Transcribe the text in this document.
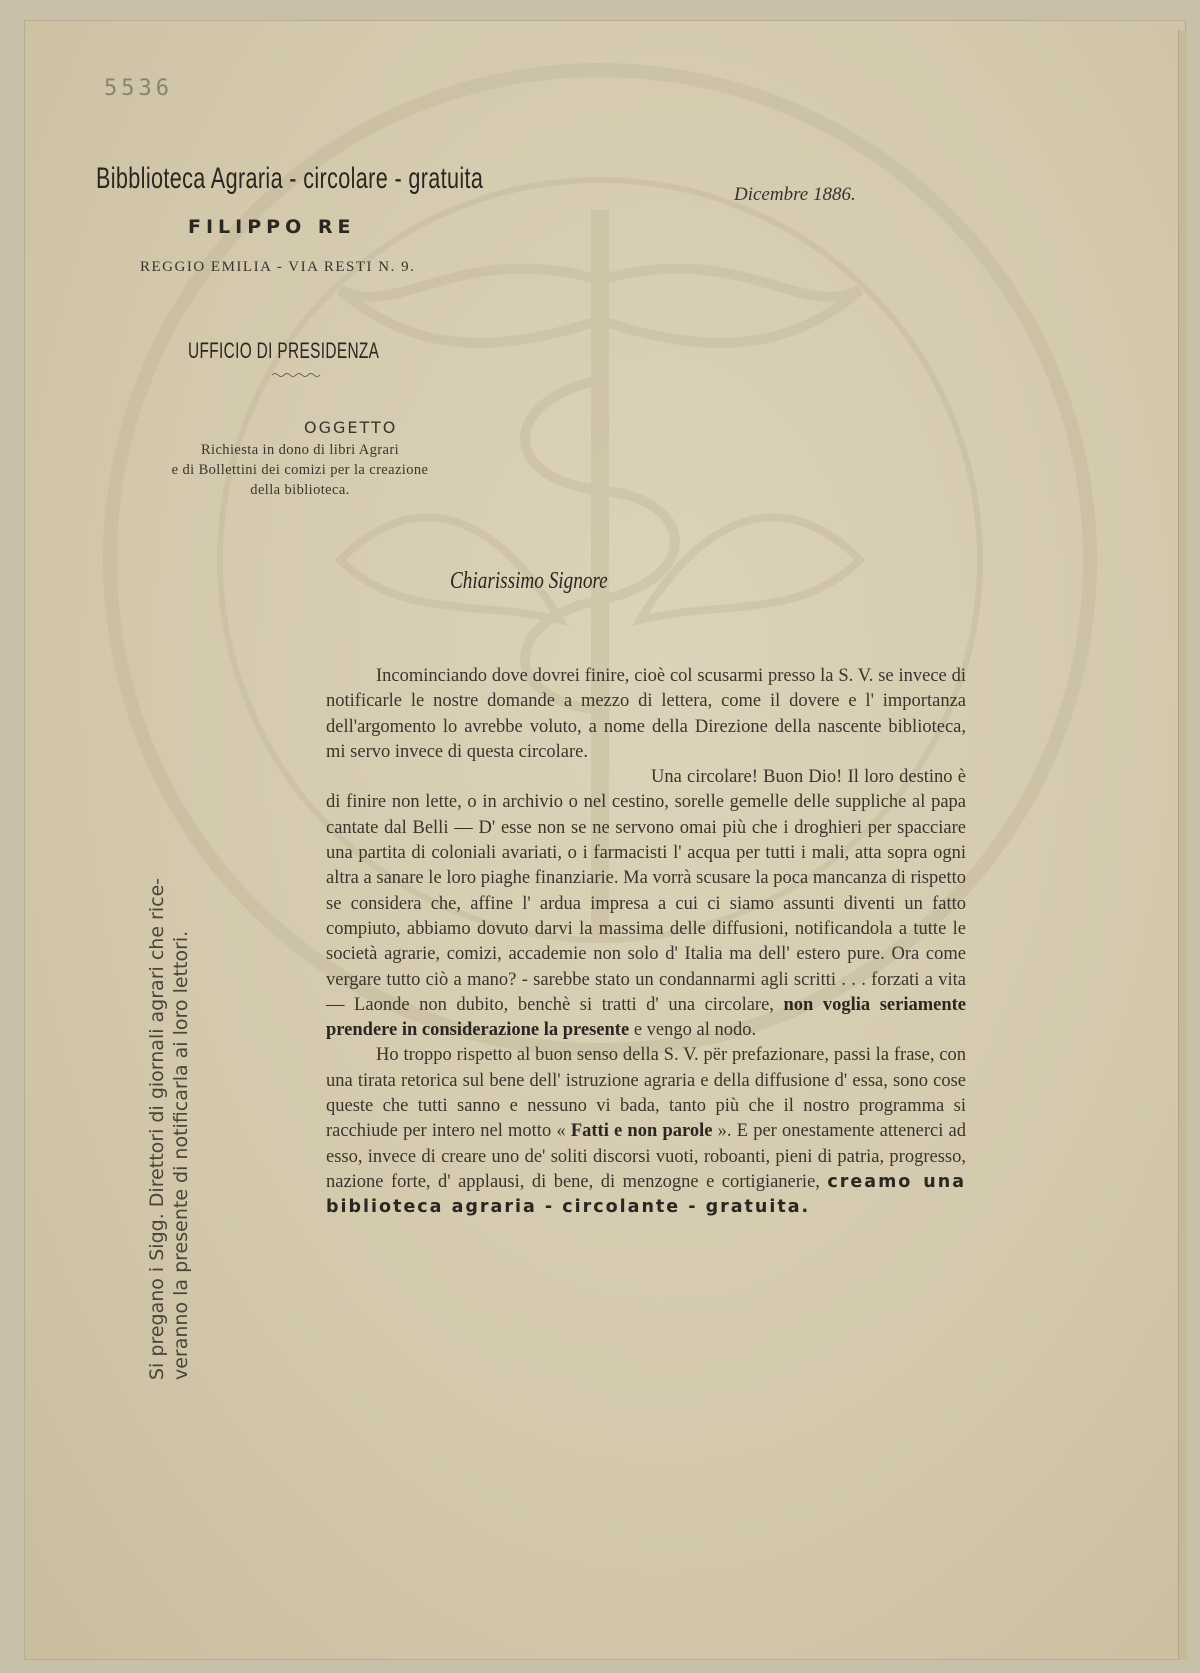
5536
Bibblioteca Agraria - circolare - gratuita
FILIPPO RE
REGGIO EMILIA - VIA RESTI N. 9.
Dicembre 1886.
UFFICIO DI PRESIDENZA
OGGETTO
Richiesta in dono di libri Agrari
e di Bollettini dei comizi per la creazione
della biblioteca.
Chiarissimo Signore
Si pregano i Sigg. Direttori di giornali agrari che rice- veranno la presente di notificarla ai loro lettori.

Incominciando dove dovrei finire, cioè col scusarmi presso la S. V. se invece di notificarle le nostre domande a mezzo di lettera, come il dovere e l' importanza dell'argomento lo avrebbe voluto, a nome della Direzione della nascente biblioteca, mi servo invece di questa circolare.

Una circolare! Buon Dio! Il loro destino è di finire non lette, o in archivio o nel cestino, sorelle gemelle delle suppliche al papa cantate dal Belli — D' esse non se ne servono omai più che i droghieri per spacciare una partita di coloniali avariati, o i farmacisti l' acqua per tutti i mali, atta sopra ogni altra a sanare le loro piaghe finanziarie. Ma vorrà scusare la poca mancanza di rispetto se considera che, affine l' ardua impresa a cui ci siamo assunti diventi un fatto compiuto, abbiamo dovuto darvi la massima delle diffusioni, notificandola a tutte le società agrarie, comizi, accademie non solo d' Italia ma dell' estero pure. Ora come vergare tutto ciò a mano? - sarebbe stato un condannarmi agli scritti . . . forzati a vita — Laonde non dubito, benchè si tratti d' una circolare, non voglia seriamente prendere in considerazione la presente e vengo al nodo.

Ho troppo rispetto al buon senso della S. V. për prefazionare, passi la frase, con una tirata retorica sul bene dell' istruzione agraria e della diffusione d' essa, sono cose queste che tutti sanno e nessuno vi bada, tanto più che il nostro programma si racchiude per intero nel motto « Fatti e non parole ». E per onestamente attenerci ad esso, invece di creare uno de' soliti discorsi vuoti, roboanti, pieni di patria, progresso, nazione forte, d' applausi, di bene, di menzogne e cortigianerie, creamo una biblioteca agraria - circolante - gratuita.
